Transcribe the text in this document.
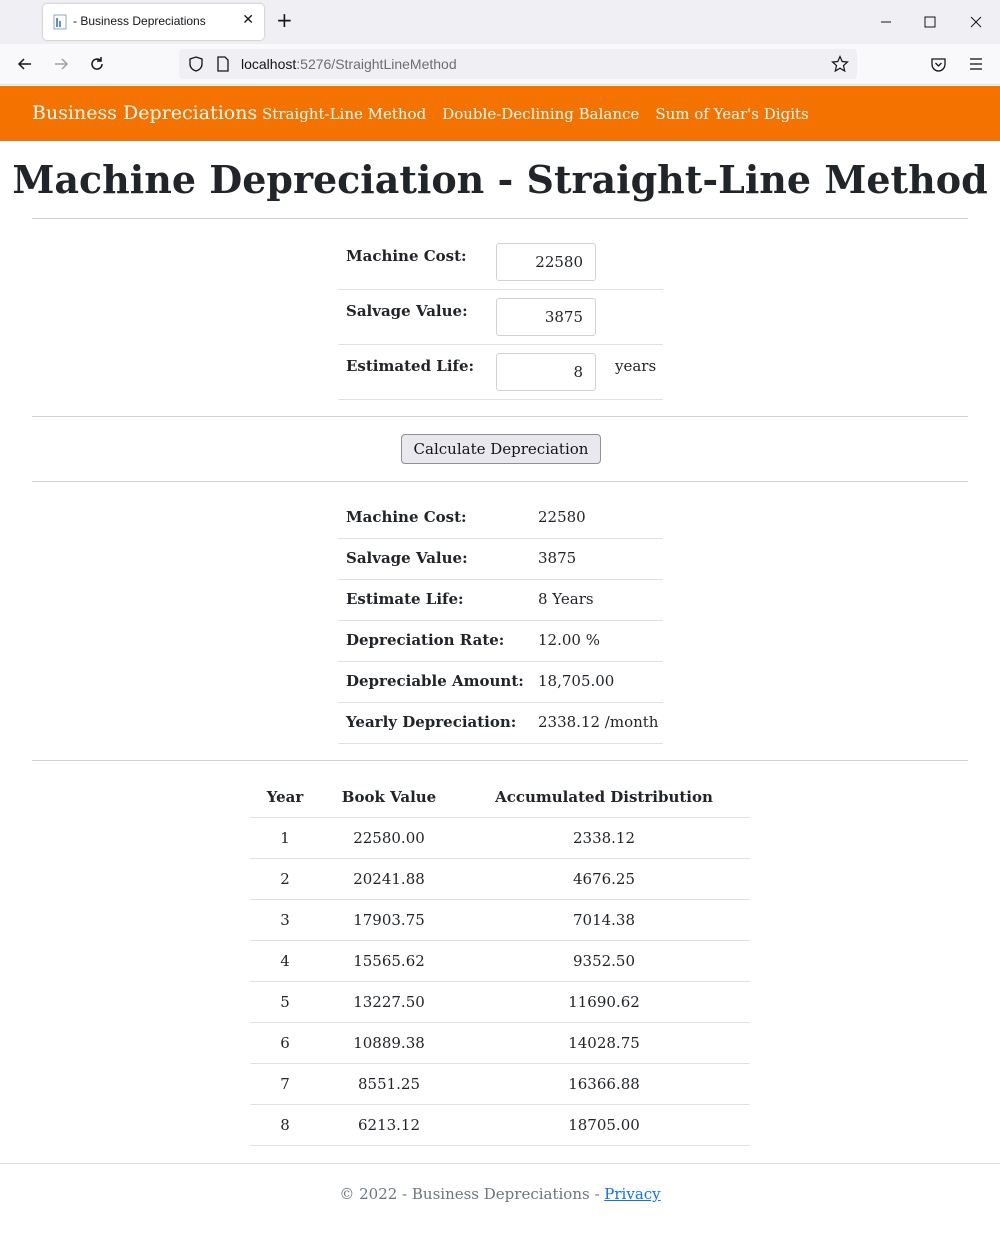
- Business Depreciations	✕ +
localhost:5276/StraightLineMethod
Business Depreciations Straight-Line Method Double-Declining Balance Sum of Year's Digits
Machine Depreciation - Straight-Line Method
Machine Cost:
22580
Salvage Value:
3875
Estimated Life:
8	years
Calculate Depreciation
Machine Cost:	22580
Salvage Value:	3875
Estimate Life:	8 Years
Depreciation Rate: 12.00 %
Depreciable Amount: 18,705.00
Yearly Depreciation: 2338.12 /month
Year	Book Value	Accumulated Distribution
1	22580.00	2338.12
2	20241.88	4676.25
3	17903.75	7014.38
4	15565.62	9352.50
5	13227.50	11690.62
6	10889.38	14028.75
7	8551.25	16366.88
8	6213.12	18705.00
© 2022 - Business Depreciations - Privacy
